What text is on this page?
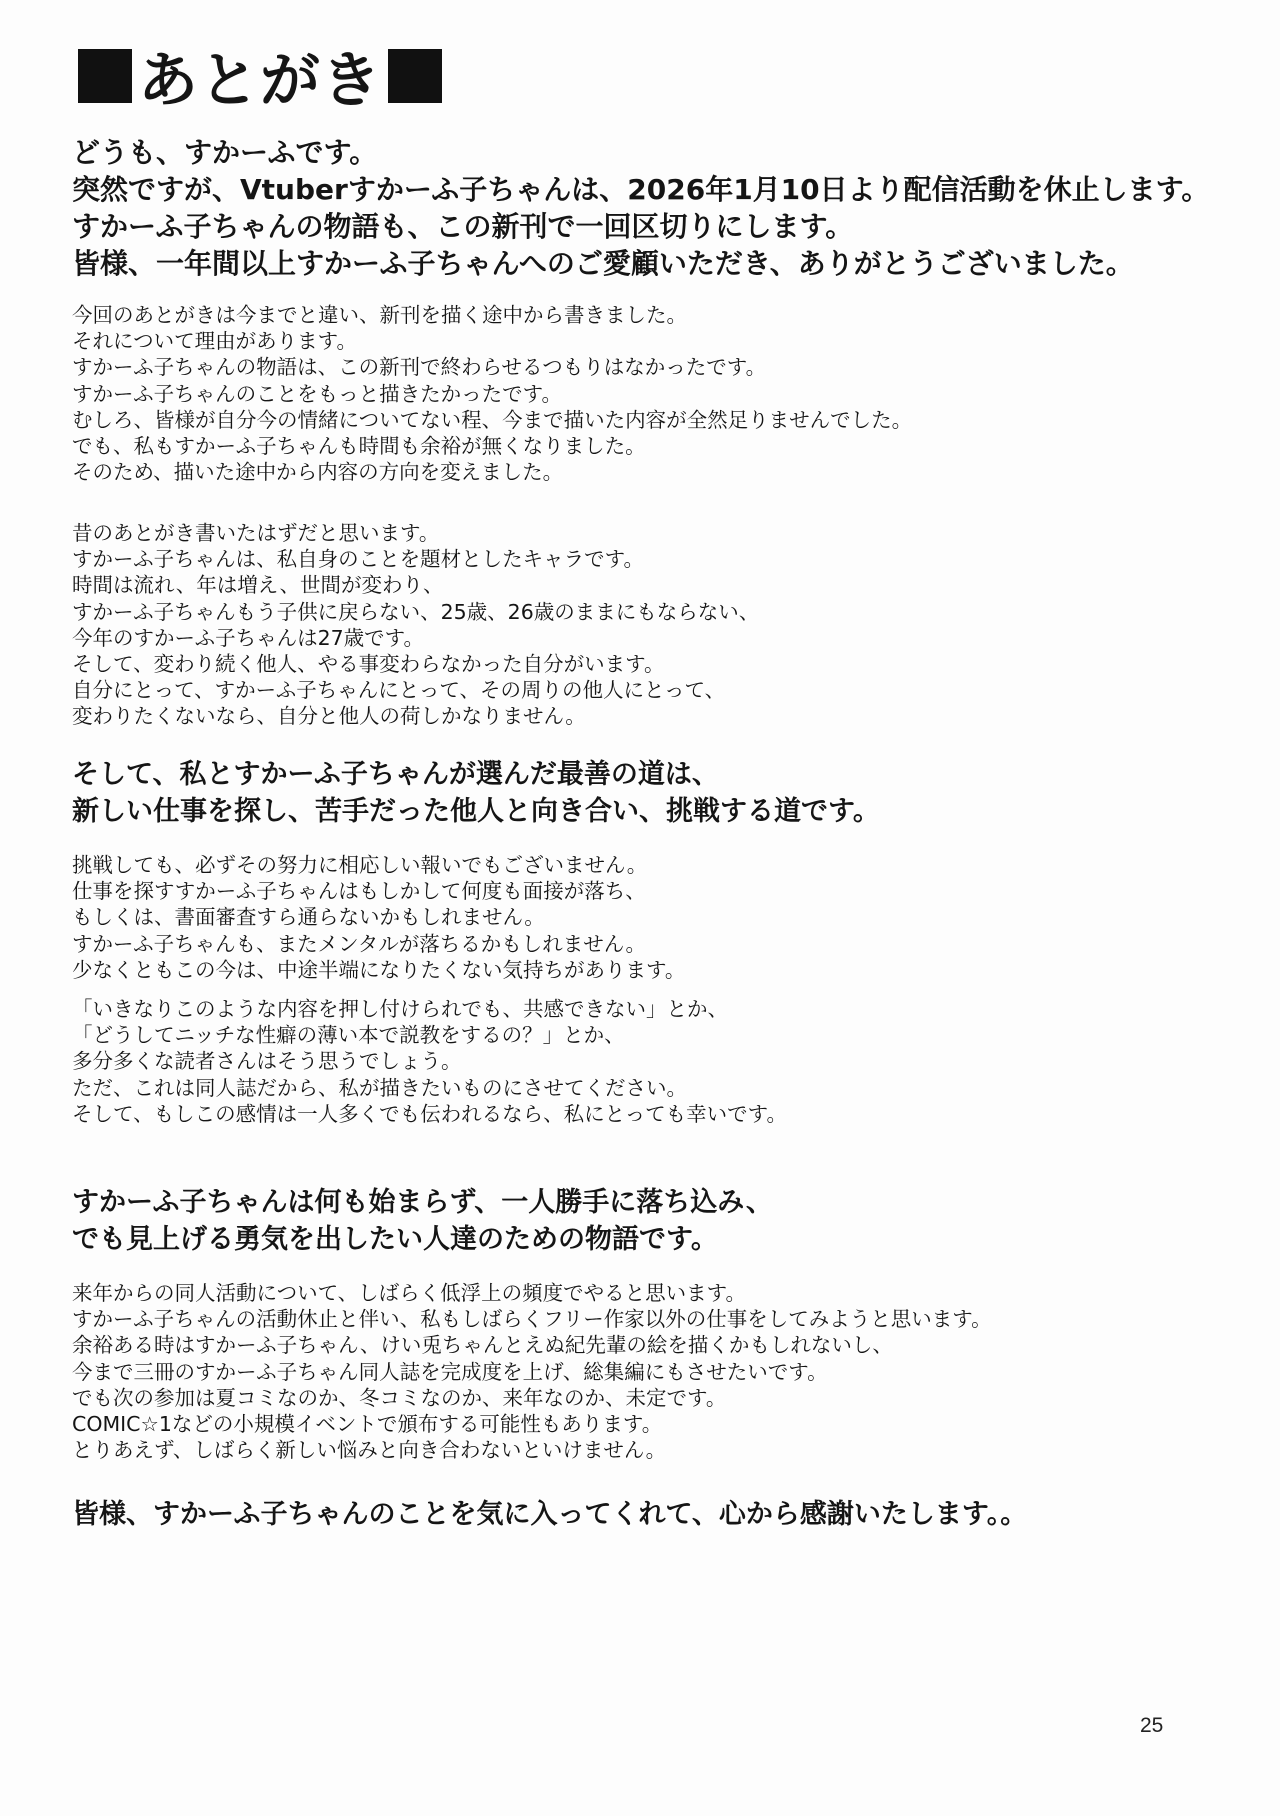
あとがき
どうも、すかーふです。
突然ですが、Vtuberすかーふ子ちゃんは、2026年1月10日より配信活動を休止します。
すかーふ子ちゃんの物語も、この新刊で一回区切りにします。
皆様、一年間以上すかーふ子ちゃんへのご愛顧いただき、ありがとうございました。
今回のあとがきは今までと違い、新刊を描く途中から書きました。
それについて理由があります。
すかーふ子ちゃんの物語は、この新刊で終わらせるつもりはなかったです。
すかーふ子ちゃんのことをもっと描きたかったです。
むしろ、皆様が自分今の情緒についてない程、今まで描いた内容が全然足りませんでした。
でも、私もすかーふ子ちゃんも時間も余裕が無くなりました。
そのため、描いた途中から内容の方向を変えました。
昔のあとがき書いたはずだと思います。
すかーふ子ちゃんは、私自身のことを題材としたキャラです。
時間は流れ、年は増え、世間が変わり、
すかーふ子ちゃんもう子供に戻らない、25歳、26歳のままにもならない、
今年のすかーふ子ちゃんは27歳です。
そして、変わり続く他人、やる事変わらなかった自分がいます。
自分にとって、すかーふ子ちゃんにとって、その周りの他人にとって、
変わりたくないなら、自分と他人の荷しかなりません。
そして、私とすかーふ子ちゃんが選んだ最善の道は、
新しい仕事を探し、苦手だった他人と向き合い、挑戦する道です。
挑戦しても、必ずその努力に相応しい報いでもございません。
仕事を探すすかーふ子ちゃんはもしかして何度も面接が落ち、
もしくは、書面審査すら通らないかもしれません。
すかーふ子ちゃんも、またメンタルが落ちるかもしれません。
少なくともこの今は、中途半端になりたくない気持ちがあります。
「いきなりこのような内容を押し付けられでも、共感できない」とか、
「どうしてニッチな性癖の薄い本で説教をするの？」とか、
多分多くな読者さんはそう思うでしょう。
ただ、これは同人誌だから、私が描きたいものにさせてください。
そして、もしこの感情は一人多くでも伝われるなら、私にとっても幸いです。
すかーふ子ちゃんは何も始まらず、一人勝手に落ち込み、
でも見上げる勇気を出したい人達のための物語です。
来年からの同人活動について、しばらく低浮上の頻度でやると思います。
すかーふ子ちゃんの活動休止と伴い、私もしばらくフリー作家以外の仕事をしてみようと思います。
余裕ある時はすかーふ子ちゃん、けい兎ちゃんとえぬ紀先輩の絵を描くかもしれないし、
今まで三冊のすかーふ子ちゃん同人誌を完成度を上げ、総集編にもさせたいです。
でも次の参加は夏コミなのか、冬コミなのか、来年なのか、未定です。
COMIC☆1などの小規模イベントで頒布する可能性もあります。
とりあえず、しばらく新しい悩みと向き合わないといけません。
皆様、すかーふ子ちゃんのことを気に入ってくれて、心から感謝いたします。。
25
